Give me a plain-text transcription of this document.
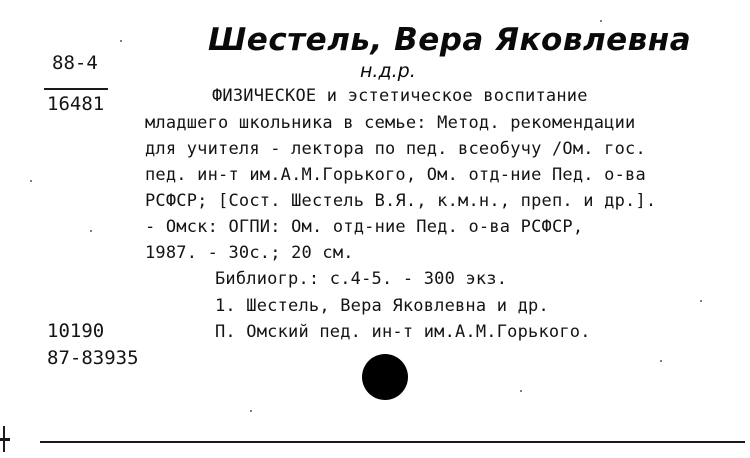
Шестель, Вера Яковлевна
н.д.р.
88-4
16481	ФИЗИЧЕСКОЕ и эстетическое воспитание
младшего школьника в семье: Метод. рекомендации
для учителя - лектора по пед. всеобучу /Ом. гос.
пед. ин-т им.А.М.Горького, Ом. отд-ние Пед. о-ва
РСФСР; [Сост. Шестель В.Я., к.м.н., преп. и др.].
- Омск: ОГПИ: Ом. отд-ние Пед. о-ва РСФСР,
1987. - 30с.; 20 см.
Библиогр.: с.4-5. - 300 экз.
1. Шестель, Вера Яковлевна и др.
П. Омский пед. ин-т им.А.М.Горького.
10190
87-83935
